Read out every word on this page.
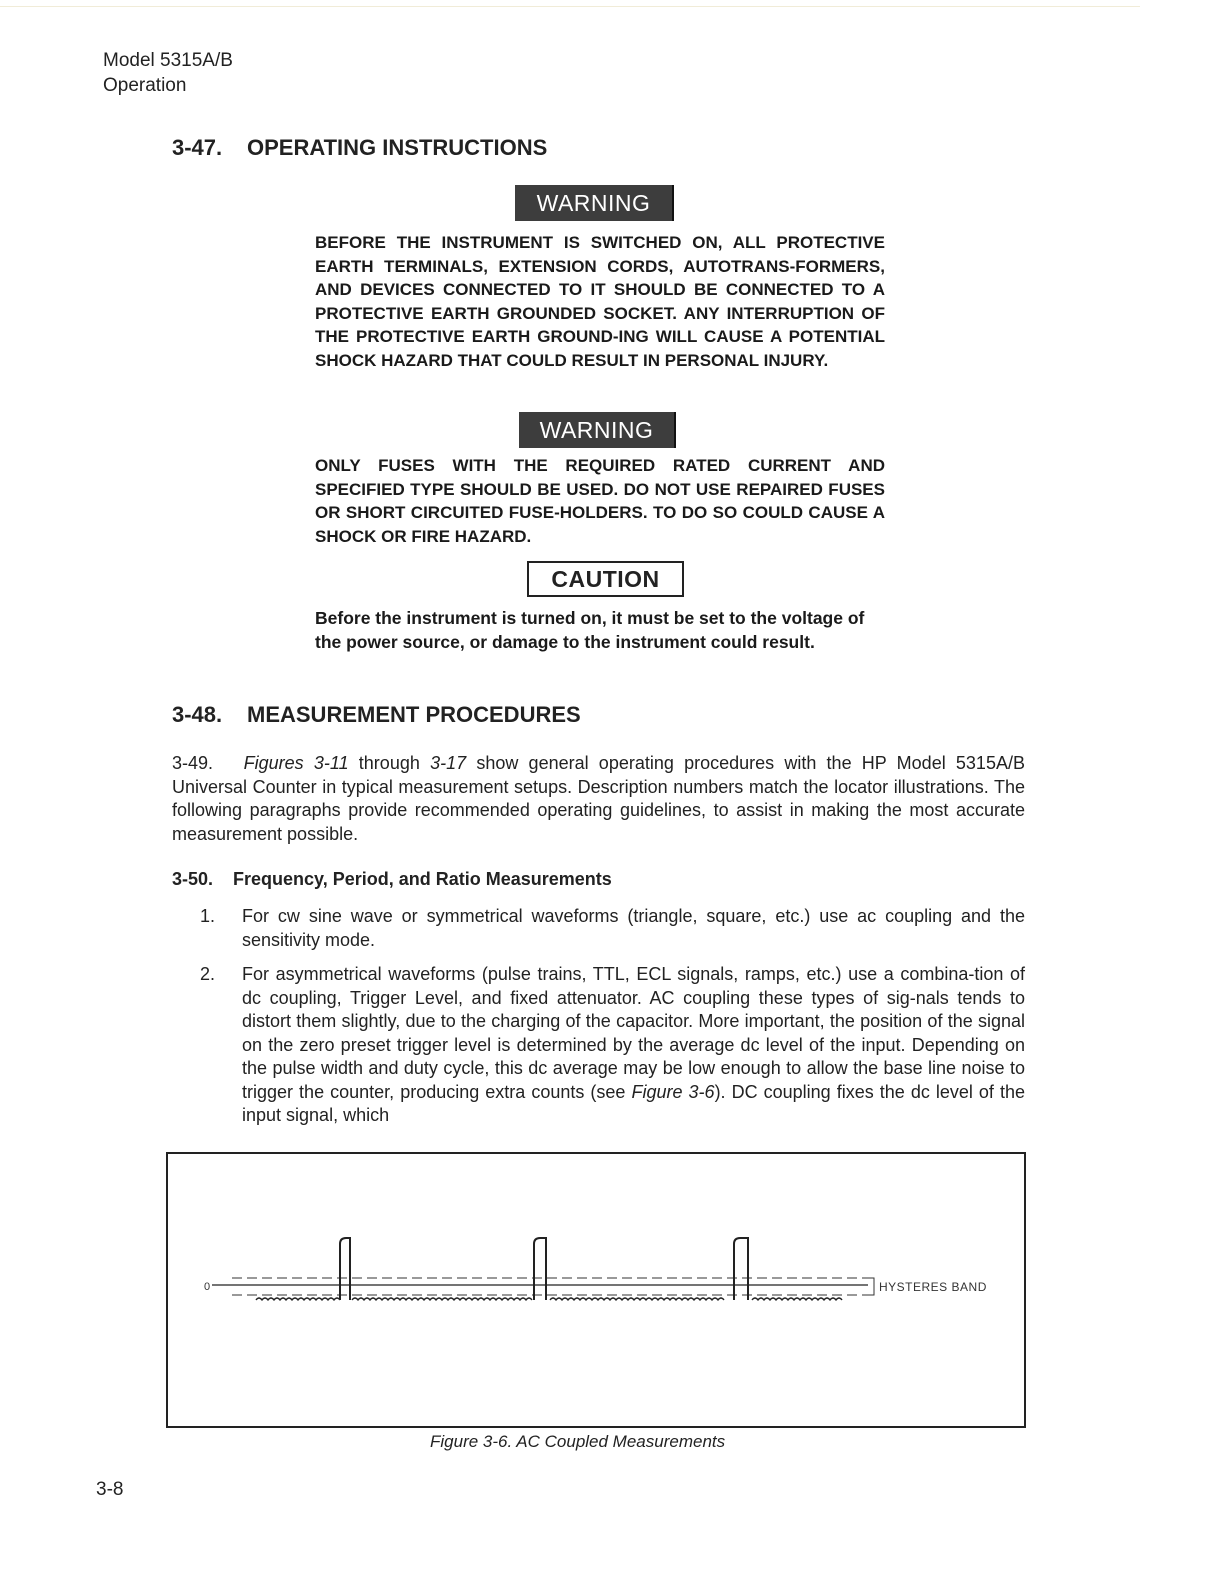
Model 5315A/B
Operation
3-47. OPERATING INSTRUCTIONS
WARNING

BEFORE THE INSTRUMENT IS SWITCHED ON, ALL PROTECTIVE EARTH TERMINALS, EXTENSION CORDS, AUTOTRANS-FORMERS, AND DEVICES CONNECTED TO IT SHOULD BE CONNECTED TO A PROTECTIVE EARTH GROUNDED SOCKET. ANY INTERRUPTION OF THE PROTECTIVE EARTH GROUND-ING WILL CAUSE A POTENTIAL SHOCK HAZARD THAT COULD RESULT IN PERSONAL INJURY.

WARNING

ONLY FUSES WITH THE REQUIRED RATED CURRENT AND SPECIFIED TYPE SHOULD BE USED. DO NOT USE REPAIRED FUSES OR SHORT CIRCUITED FUSE-HOLDERS. TO DO SO COULD CAUSE A SHOCK OR FIRE HAZARD.

CAUTION

Before the instrument is turned on, it must be set to the voltage of the power source, or damage to the instrument could result.

3-48. MEASUREMENT PROCEDURES

3-49. Figures 3-11 through 3-17 show general operating procedures with the HP Model 5315A/B Universal Counter in typical measurement setups. Description numbers match the locator illustrations. The following paragraphs provide recommended operating guidelines, to assist in making the most accurate measurement possible.

3-50. Frequency, Period, and Ratio Measurements
1. For cw sine wave or symmetrical waveforms (triangle, square, etc.) use ac coupling and the sensitivity mode.

2. For asymmetrical waveforms (pulse trains, TTL, ECL signals, ramps, etc.) use a combina-tion of dc coupling, Trigger Level, and fixed attenuator. AC coupling these types of sig-nals tends to distort them slightly, due to the charging of the capacitor. More important, the position of the signal on the zero preset trigger level is determined by the average dc level of the input. Depending on the pulse width and duty cycle, this dc average may be low enough to allow the base line noise to trigger the counter, producing extra counts (see Figure 3-6). DC coupling fixes the dc level of the input signal, which

0	HYSTERES BAND
Figure 3-6. AC Coupled Measurements
3-8
